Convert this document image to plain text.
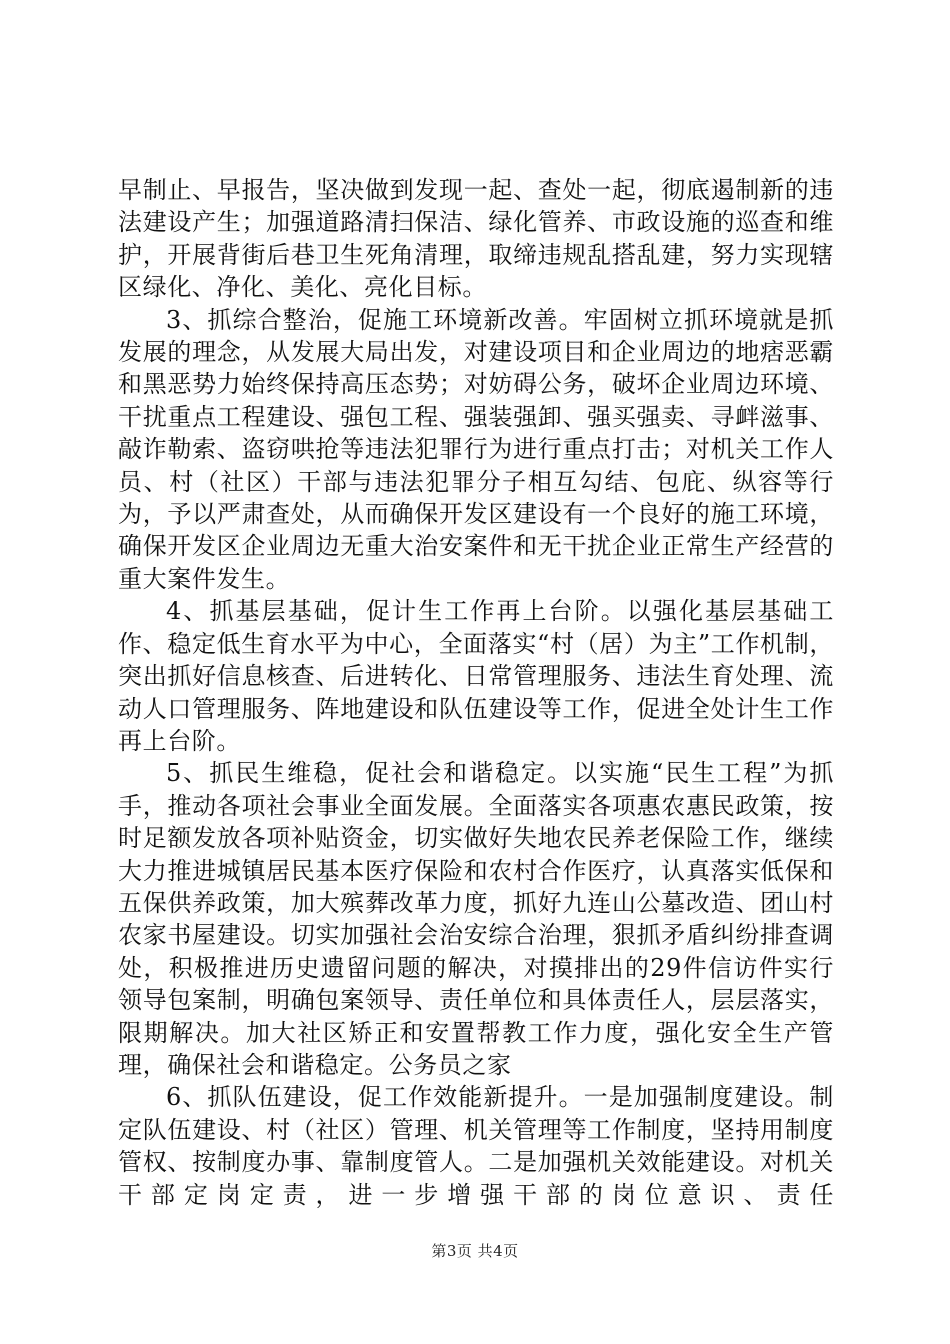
早制止、早报告，坚决做到发现一起、查处一起，彻底遏制新的违法建设产生；加强道路清扫保洁、绿化管养、市政设施的巡查和维护，开展背街后巷卫生死角清理，取缔违规乱搭乱建，努力实现辖区绿化、净化、美化、亮化目标。

3、抓综合整治，促施工环境新改善。牢固树立抓环境就是抓发展的理念，从发展大局出发，对建设项目和企业周边的地痞恶霸和黑恶势力始终保持高压态势；对妨碍公务，破坏企业周边环境、干扰重点工程建设、强包工程、强装强卸、强买强卖、寻衅滋事、敲诈勒索、盗窃哄抢等违法犯罪行为进行重点打击；对机关工作人员、村（社区）干部与违法犯罪分子相互勾结、包庇、纵容等行为，予以严肃查处，从而确保开发区建设有一个良好的施工环境，确保开发区企业周边无重大治安案件和无干扰企业正常生产经营的重大案件发生。

4、抓基层基础，促计生工作再上台阶。以强化基层基础工作、稳定低生育水平为中心，全面落实“村（居）为主”工作机制，突出抓好信息核查、后进转化、日常管理服务、违法生育处理、流动人口管理服务、阵地建设和队伍建设等工作，促进全处计生工作再上台阶。

5、抓民生维稳，促社会和谐稳定。以实施“民生工程”为抓手，推动各项社会事业全面发展。全面落实各项惠农惠民政策，按时足额发放各项补贴资金，切实做好失地农民养老保险工作，继续大力推进城镇居民基本医疗保险和农村合作医疗，认真落实低保和五保供养政策，加大殡葬改革力度，抓好九连山公墓改造、团山村农家书屋建设。切实加强社会治安综合治理，狠抓矛盾纠纷排查调处，积极推进历史遗留问题的解决，对摸排出的29件信访件实行领导包案制，明确包案领导、责任单位和具体责任人，层层落实，限期解决。加大社区矫正和安置帮教工作力度，强化安全生产管理，确保社会和谐稳定。公务员之家

6、抓队伍建设，促工作效能新提升。一是加强制度建设。制定队伍建设、村（社区）管理、机关管理等工作制度，坚持用制度管权、按制度办事、靠制度管人。二是加强机关效能建设。对机关干部定岗定责，进一步增强干部的岗位意识、责任

第3页 共4页
